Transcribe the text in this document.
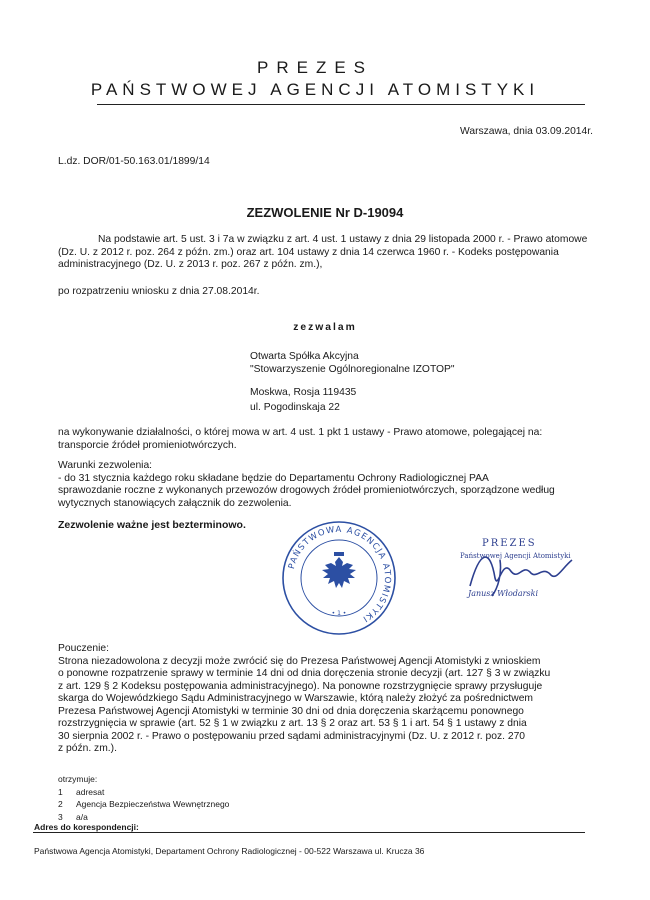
PREZES
PAŃSTWOWEJ AGENCJI ATOMISTYKI
Warszawa, dnia 03.09.2014r.
L.dz. DOR/01-50.163.01/1899/14
ZEZWOLENIE Nr D-19094

Na podstawie art. 5 ust. 3 i 7a w związku z art. 4 ust. 1 ustawy z dnia 29 listopada 2000 r. - Prawo atomowe

(Dz. U. z 2012 r. poz. 264 z późn. zm.) oraz art. 104 ustawy z dnia 14 czerwca 1960 r. - Kodeks postępowania
administracyjnego (Dz. U. z 2013 r. poz. 267 z późn. zm.),
po rozpatrzeniu wniosku z dnia 27.08.2014r.
zezwalam
Otwarta Spółka Akcyjna
"Stowarzyszenie Ogólnoregionalne IZOTOP"
Moskwa, Rosja 119435
ul. Pogodinskaja 22
na wykonywanie działalności, o której mowa w art. 4 ust. 1 pkt 1 ustawy - Prawo atomowe, polegającej na:
transporcie źródeł promieniotwórczych.
Warunki zezwolenia:
- do 31 stycznia każdego roku składane będzie do Departamentu Ochrony Radiologicznej PAA
sprawozdanie roczne z wykonanych przewozów drogowych źródeł promieniotwórczych, sporządzone według
wytycznych stanowiących załącznik do zezwolenia.
Zezwolenie ważne jest bezterminowo.
PAŃSTWOWA AGENCJA ATOMISTYKI
• 1 •
PREZES
Państwowej Agencji Atomistyki
Janusz Włodarski
Pouczenie:
Strona niezadowolona z decyzji może zwrócić się do Prezesa Państwowej Agencji Atomistyki z wnioskiem
o ponowne rozpatrzenie sprawy w terminie 14 dni od dnia doręczenia stronie decyzji (art. 127 § 3 w związku
z art. 129 § 2 Kodeksu postępowania administracyjnego). Na ponowne rozstrzygnięcie sprawy przysługuje
skarga do Wojewódzkiego Sądu Administracyjnego w Warszawie, którą należy złożyć za pośrednictwem
Prezesa Państwowej Agencji Atomistyki w terminie 30 dni od dnia doręczenia skarżącemu ponownego
rozstrzygnięcia w sprawie (art. 52 § 1 w związku z art. 13 § 2 oraz art. 53 § 1 i art. 54 § 1 ustawy z dnia
30 sierpnia 2002 r. - Prawo o postępowaniu przed sądami administracyjnymi (Dz. U. z 2012 r. poz. 270
z późn. zm.).
otrzymuje:
1	adresat
2	Agencja Bezpieczeństwa Wewnętrznego
3	a/a
Adres do korespondencji:
Państwowa Agencja Atomistyki, Departament Ochrony Radiologicznej - 00-522 Warszawa ul. Krucza 36
